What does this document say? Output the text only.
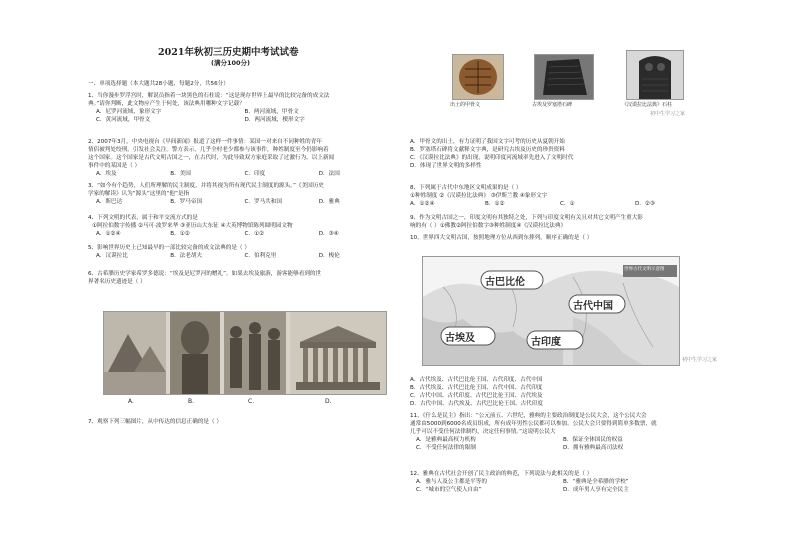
2021年秋初三历史期中考试试卷
(满分100分)
一、单项选择题（本大题共28小题，每题2分，共56分）
1、当你漫步罗浮宫时，解说员指着一块黑色的石柱说：“这是现存世界上最早的比较完备的成文法
典。”请你判断，此文物应产生于何处，该法典用哪种文字记载？
A．尼罗河流域，象形文字	B．两河流域，甲骨文
C．黄河流域，甲骨文	D．两河流域，楔形文字
2、2007年3月，中央电视台《早间新闻》报道了这样一件事情：某国一对来自不同种姓的青年
情侣被判处绞刑，引发社会关注。警方表示，几乎全村老少都参与该事件，种姓制度至今仍影响着
这个国家。这个国家是古代文明古国之一，在古代时，为此导致双方家庭采取了过激行为。以上新闻
事件中的某国是（ ）
A．埃及	B．美国	C．印度	D．法国
3、“如今有个趋势，人们所理解的民主制度，并将其视为所有现代民主制度的源头。”《美国历史
学家的解读》认为“源头”这里的“他”是指
A．斯巴达	B．罗马帝国	C．罗马共和国	D．雅典
4、下列文明的代表，属于和平交流方式的是
①阿拉伯数字传播 ②马可·波罗来华 ③亚历山大东征 ④大英博物馆陈列圆明园文物
A．①②④	B．①②	C．①②	D．③④
5、影响世界历史上已知最早的一部比较完备的成文法典的是（ ）
A．汉谟拉比	B．法老胡夫	C．伯利克里	D．梭伦
6、古希腊历史学家希罗多德说：“埃及是尼罗河的赠礼”。如果去埃及旅游，游客能够看到的世
界著名历史遗迹是（ ）
A.	B.	C.	D.
7、观察下列三幅图片，从中传达的信息正确的是（ ）
出土的甲骨文	古埃及罗塞塔石碑	《汉谟拉比法典》石柱
初中生学习之家
A．甲骨文的出土，有力证明了我国文字可考的历史从夏朝开始
B．罗塞塔石碑将文献释文字典，是研究古埃及历史的珍贵资料
C．《汉谟拉比法典》的出现，说明印度河流域率先进入了文明时代
D．体现了世界文明的多样性
8、下列属于古代中东地区文明成果的是（ ）
①种姓制度 ②《汉谟拉比法典》 ③伊斯兰教 ④象形文字
A．①②④	B．①②	C．①	D．②③
9、作为文明古国之一，印度文明有其独特之处，下列与印度文明有关且对其它文明产生重大影
响的有（ ）①佛教②阿拉伯数字③种姓制度④《汉谟拉比法典》
10、世界四大文明古国，按照地理方位从西到东排列，顺序正确的是（ ）
世界古代文明示意图
古巴比伦
古代中国
古埃及	古印度
初中生学习之家
A．古代埃及、古代巴比伦王国、古代印度、古代中国
B．古代埃及、古代巴比伦王国、古代中国、古代印度
C．古代中国、古代印度、古代巴比伦王国、古代埃及
D．古代中国、古代埃及、古代巴比伦王国、古代印度
11、《什么是民主》指出：“公元前五、六世纪，雅典的主要政治制度是公民大会，这个公民大会
通常由5000到6000名成员组成，所有成年男性公民都可以参加。公民大会只要得到简单多数票，就
几乎可以不受任何法律制约，决定任何事情。”这说明公民大
A．是雅典最高权力机构	B．保证全体国民的权益
C．不受任何法律的限制	D．拥有雅典最高司法权
12、雅典在古代社会开创了民主政治的典范，下列说法与此相关的是（ ）
A．雅与人及公主都是平等的	B．“雅典是全希腊的学校”
C．“城市的空气使人自由”	D．成年男人享有完全民主
